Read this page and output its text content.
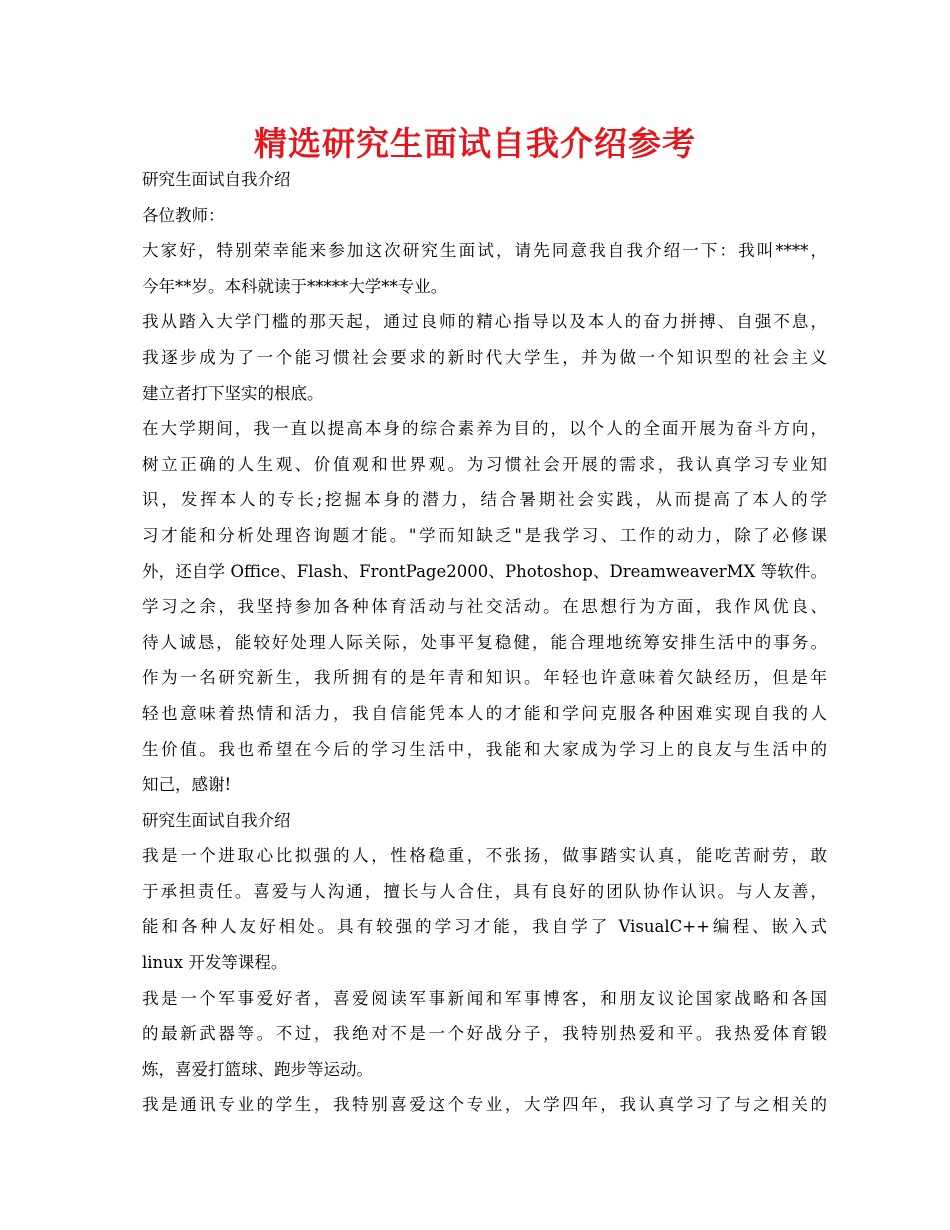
精选研究生面试自我介绍参考
研究生面试自我介绍
各位教师：
大家好，特别荣幸能来参加这次研究生面试，请先同意我自我介绍一下：我叫****，
今年**岁。本科就读于*****大学**专业。
我从踏入大学门槛的那天起，通过良师的精心指导以及本人的奋力拼搏、自强不息，
我逐步成为了一个能习惯社会要求的新时代大学生，并为做一个知识型的社会主义
建立者打下坚实的根底。
在大学期间，我一直以提高本身的综合素养为目的，以个人的全面开展为奋斗方向，
树立正确的人生观、价值观和世界观。为习惯社会开展的需求，我认真学习专业知
识，发挥本人的专长;挖掘本身的潜力，结合暑期社会实践，从而提高了本人的学
习才能和分析处理咨询题才能。"学而知缺乏"是我学习、工作的动力，除了必修课
外，还自学 Office、Flash、FrontPage2000、Photoshop、DreamweaverMX 等软件。
学习之余，我坚持参加各种体育活动与社交活动。在思想行为方面，我作风优良、
待人诚恳，能较好处理人际关际，处事平复稳健，能合理地统筹安排生活中的事务。
作为一名研究新生，我所拥有的是年青和知识。年轻也许意味着欠缺经历，但是年
轻也意味着热情和活力，我自信能凭本人的才能和学问克服各种困难实现自我的人
生价值。我也希望在今后的学习生活中，我能和大家成为学习上的良友与生活中的
知己，感谢!
研究生面试自我介绍
我是一个进取心比拟强的人，性格稳重，不张扬，做事踏实认真，能吃苦耐劳，敢
于承担责任。喜爱与人沟通，擅长与人合住，具有良好的团队协作认识。与人友善，
能和各种人友好相处。具有较强的学习才能，我自学了 VisualC++编程、嵌入式
linux 开发等课程。
我是一个军事爱好者，喜爱阅读军事新闻和军事博客，和朋友议论国家战略和各国
的最新武器等。不过，我绝对不是一个好战分子，我特别热爱和平。我热爱体育锻
炼，喜爱打篮球、跑步等运动。
我是通讯专业的学生，我特别喜爱这个专业，大学四年，我认真学习了与之相关的
